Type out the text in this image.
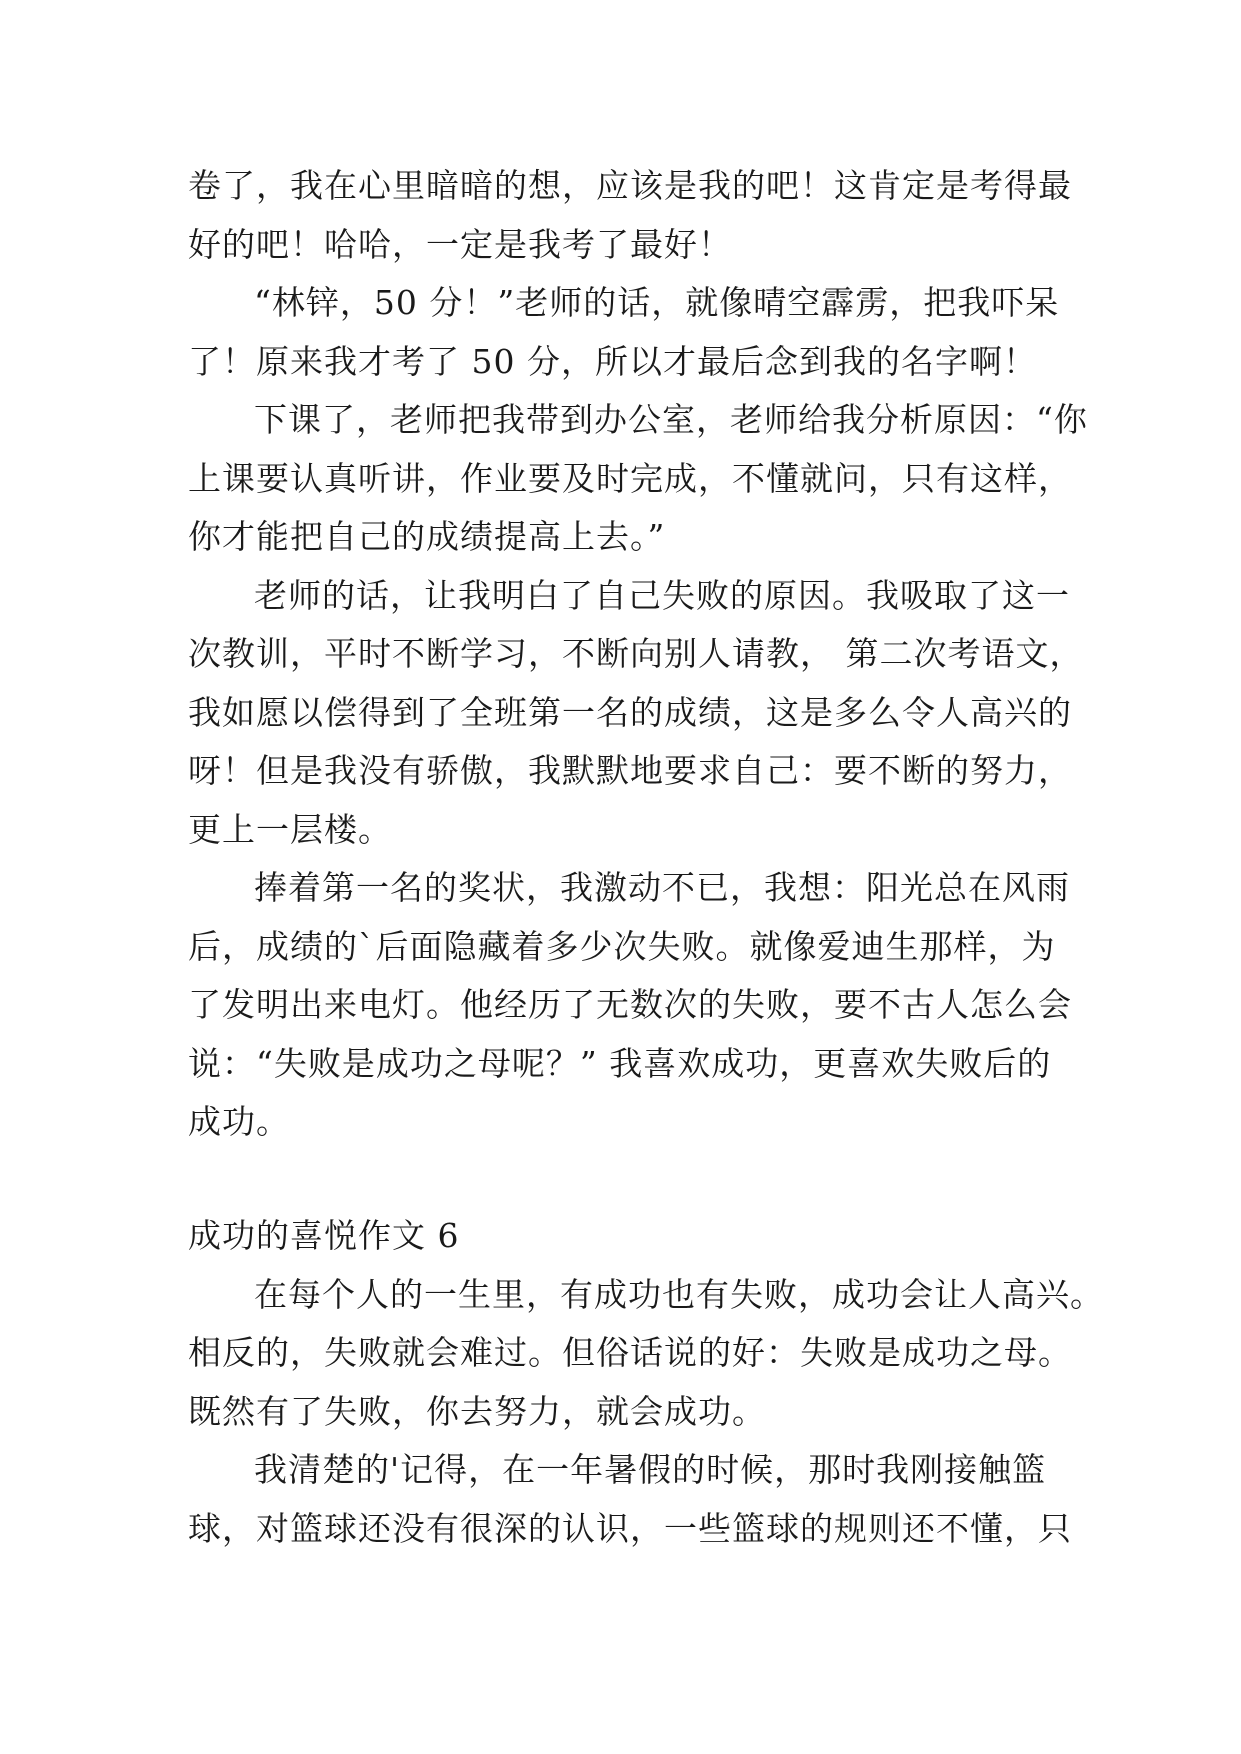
卷了，我在心里暗暗的想，应该是我的吧！这肯定是考得最
好的吧！哈哈，一定是我考了最好！
“林锌，50 分！”老师的话，就像晴空霹雳，把我吓呆
了！原来我才考了 50 分，所以才最后念到我的名字啊！
下课了，老师把我带到办公室，老师给我分析原因：“你
上课要认真听讲，作业要及时完成，不懂就问，只有这样，
你才能把自己的成绩提高上去。”
老师的话，让我明白了自己失败的原因。我吸取了这一
次教训，平时不断学习，不断向别人请教， 第二次考语文，
我如愿以偿得到了全班第一名的成绩，这是多么令人高兴的
呀！但是我没有骄傲，我默默地要求自己：要不断的努力，
更上一层楼。
捧着第一名的奖状，我激动不已，我想：阳光总在风雨
后，成绩的`后面隐藏着多少次失败。就像爱迪生那样，为
了发明出来电灯。他经历了无数次的失败，要不古人怎么会
说：“失败是成功之母呢？” 我喜欢成功，更喜欢失败后的
成功。
成功的喜悦作文 6
在每个人的一生里，有成功也有失败，成功会让人高兴。
相反的，失败就会难过。但俗话说的好：失败是成功之母。
既然有了失败，你去努力，就会成功。
我清楚的'记得，在一年暑假的时候，那时我刚接触篮
球，对篮球还没有很深的认识，一些篮球的规则还不懂，只
